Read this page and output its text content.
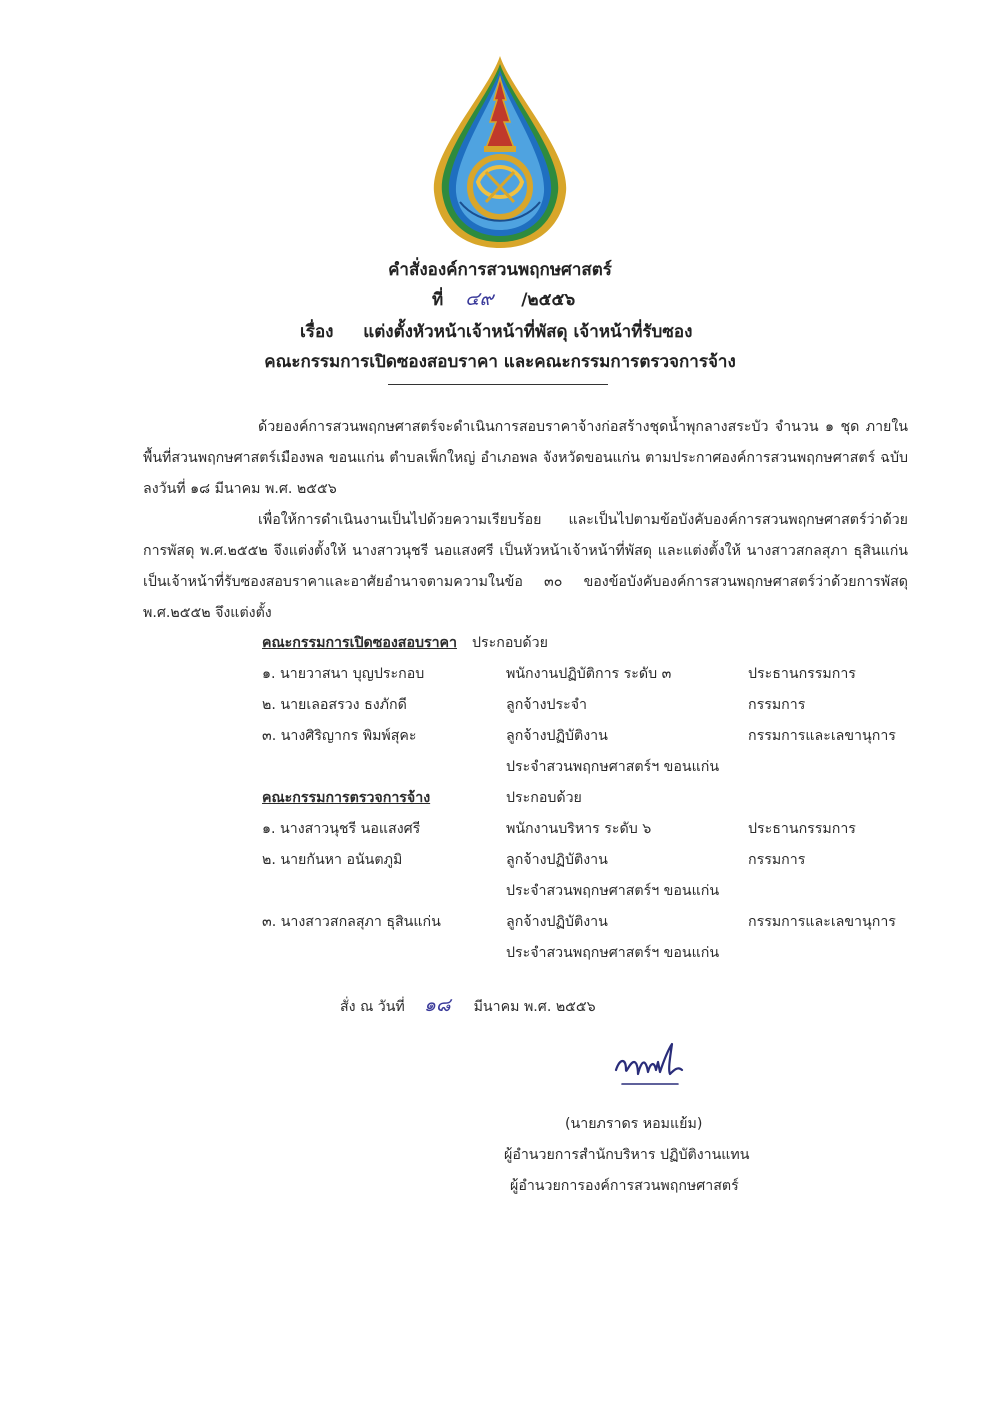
คำสั่งองค์การสวนพฤกษศาสตร์
ที่ ๔๙ /๒๕๕๖
เรื่อง แต่งตั้งหัวหน้าเจ้าหน้าที่พัสดุ เจ้าหน้าที่รับซอง
คณะกรรมการเปิดซองสอบราคา และคณะกรรมการตรวจการจ้าง
ด้วยองค์การสวนพฤกษศาสตร์จะดำเนินการสอบราคาจ้างก่อสร้างชุดน้ำพุกลางสระบัว จำนวน ๑ ชุด ภายในพื้นที่สวนพฤกษศาสตร์เมืองพล ขอนแก่น ตำบลเพ็กใหญ่ อำเภอพล จังหวัดขอนแก่น ตามประกาศองค์การสวนพฤกษศาสตร์ ฉบับลงวันที่ ๑๘ มีนาคม พ.ศ. ๒๕๕๖
เพื่อให้การดำเนินงานเป็นไปด้วยความเรียบร้อย และเป็นไปตามข้อบังคับองค์การสวนพฤกษศาสตร์ว่าด้วยการพัสดุ พ.ศ.๒๕๕๒ จึงแต่งตั้งให้ นางสาวนุชรี นอแสงศรี เป็นหัวหน้าเจ้าหน้าที่พัสดุ และแต่งตั้งให้ นางสาวสกลสุภา ธุสินแก่น เป็นเจ้าหน้าที่รับซองสอบราคาและอาศัยอำนาจตามความในข้อ ๓๐ ของข้อบังคับองค์การสวนพฤกษศาสตร์ว่าด้วยการพัสดุ พ.ศ.๒๕๕๒ จึงแต่งตั้ง
คณะกรรมการเปิดซองสอบราคา ประกอบด้วย
๑. นายวาสนา บุญประกอบ	พนักงานปฏิบัติการ ระดับ ๓	ประธานกรรมการ
๒. นายเลอสรวง ธงภักดี	ลูกจ้างประจำ	กรรมการ
๓. นางศิริญากร พิมพ์สุคะ	ลูกจ้างปฏิบัติงาน	กรรมการและเลขานุการ
ประจำสวนพฤกษศาสตร์ฯ ขอนแก่น
คณะกรรมการตรวจการจ้าง	ประกอบด้วย
๑. นางสาวนุชรี นอแสงศรี	พนักงานบริหาร ระดับ ๖	ประธานกรรมการ
๒. นายกันหา อนันตภูมิ	ลูกจ้างปฏิบัติงาน	กรรมการ
ประจำสวนพฤกษศาสตร์ฯ ขอนแก่น
๓. นางสาวสกลสุภา ธุสินแก่น	ลูกจ้างปฏิบัติงาน	กรรมการและเลขานุการ
ประจำสวนพฤกษศาสตร์ฯ ขอนแก่น
สั่ง ณ วันที่ ๑๘ มีนาคม พ.ศ. ๒๕๕๖
(นายภราดร หอมแย้ม)
ผู้อำนวยการสำนักบริหาร ปฏิบัติงานแทน
ผู้อำนวยการองค์การสวนพฤกษศาสตร์
